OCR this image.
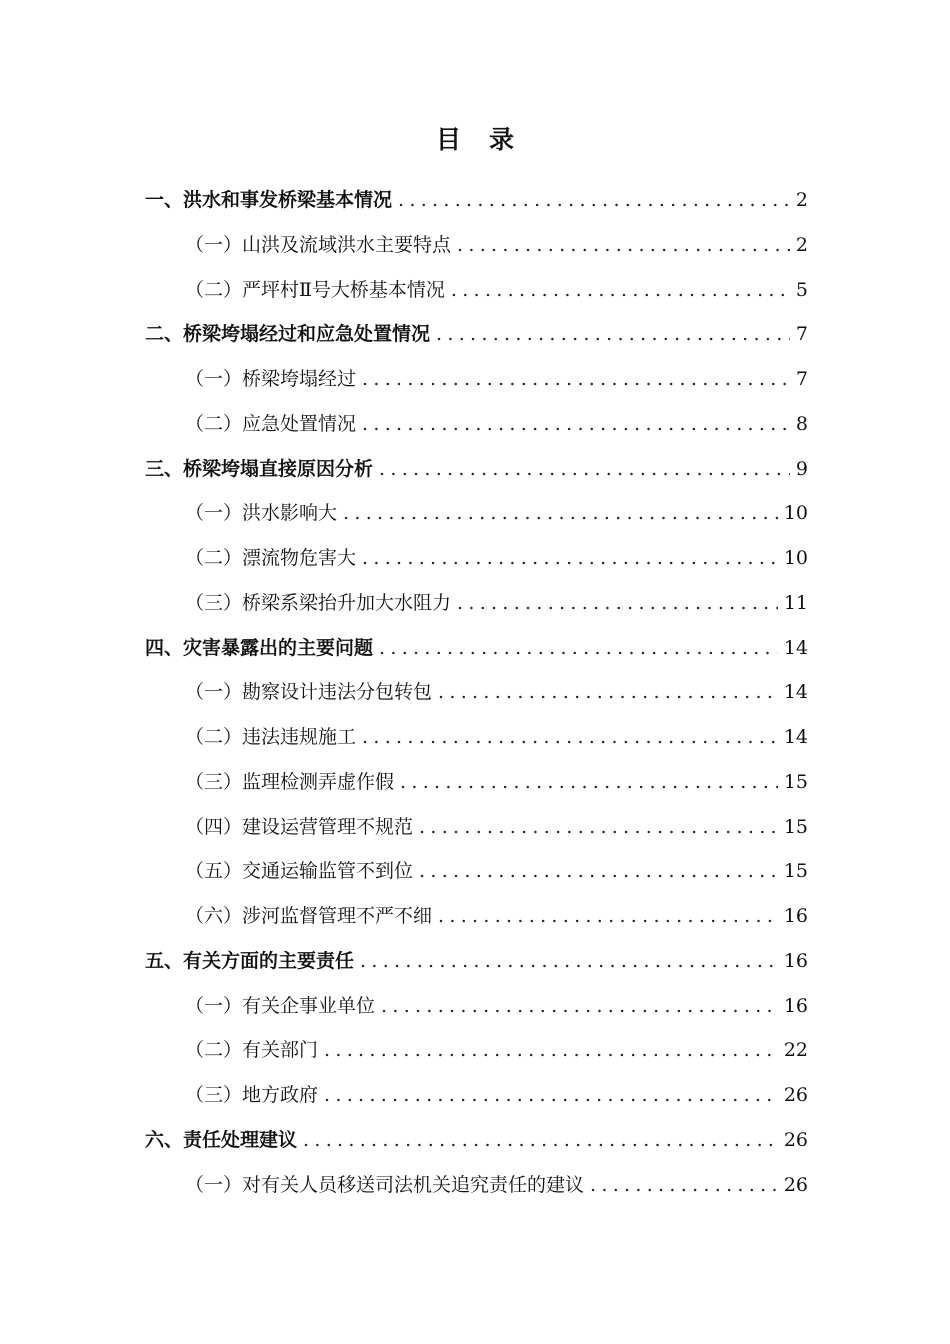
目 录
一、洪水和事发桥梁基本情况 .....	2
（一）山洪及流域洪水主要特点 .....	2
（二）严坪村Ⅱ号大桥基本情况 .....	5
二、桥梁垮塌经过和应急处置情况 .....	7
（一）桥梁垮塌经过 .....	7
（二）应急处置情况 .....	8
三、桥梁垮塌直接原因分析 .....	9
（一）洪水影响大 .....	10
（二）漂流物危害大 .....	10
（三）桥梁系梁抬升加大水阻力 .....	11
四、灾害暴露出的主要问题 .....	14
（一）勘察设计违法分包转包 .....	14
（二）违法违规施工 .....	14
（三）监理检测弄虚作假 .....	15
（四）建设运营管理不规范 .....	15
（五）交通运输监管不到位 .....	15
（六）涉河监督管理不严不细 .....	16
五、有关方面的主要责任 .....	16
（一）有关企事业单位 .....	16
（二）有关部门 .....	22
（三）地方政府 .....	26
六、责任处理建议 .....	26
（一）对有关人员移送司法机关追究责任的建议 .....	26
